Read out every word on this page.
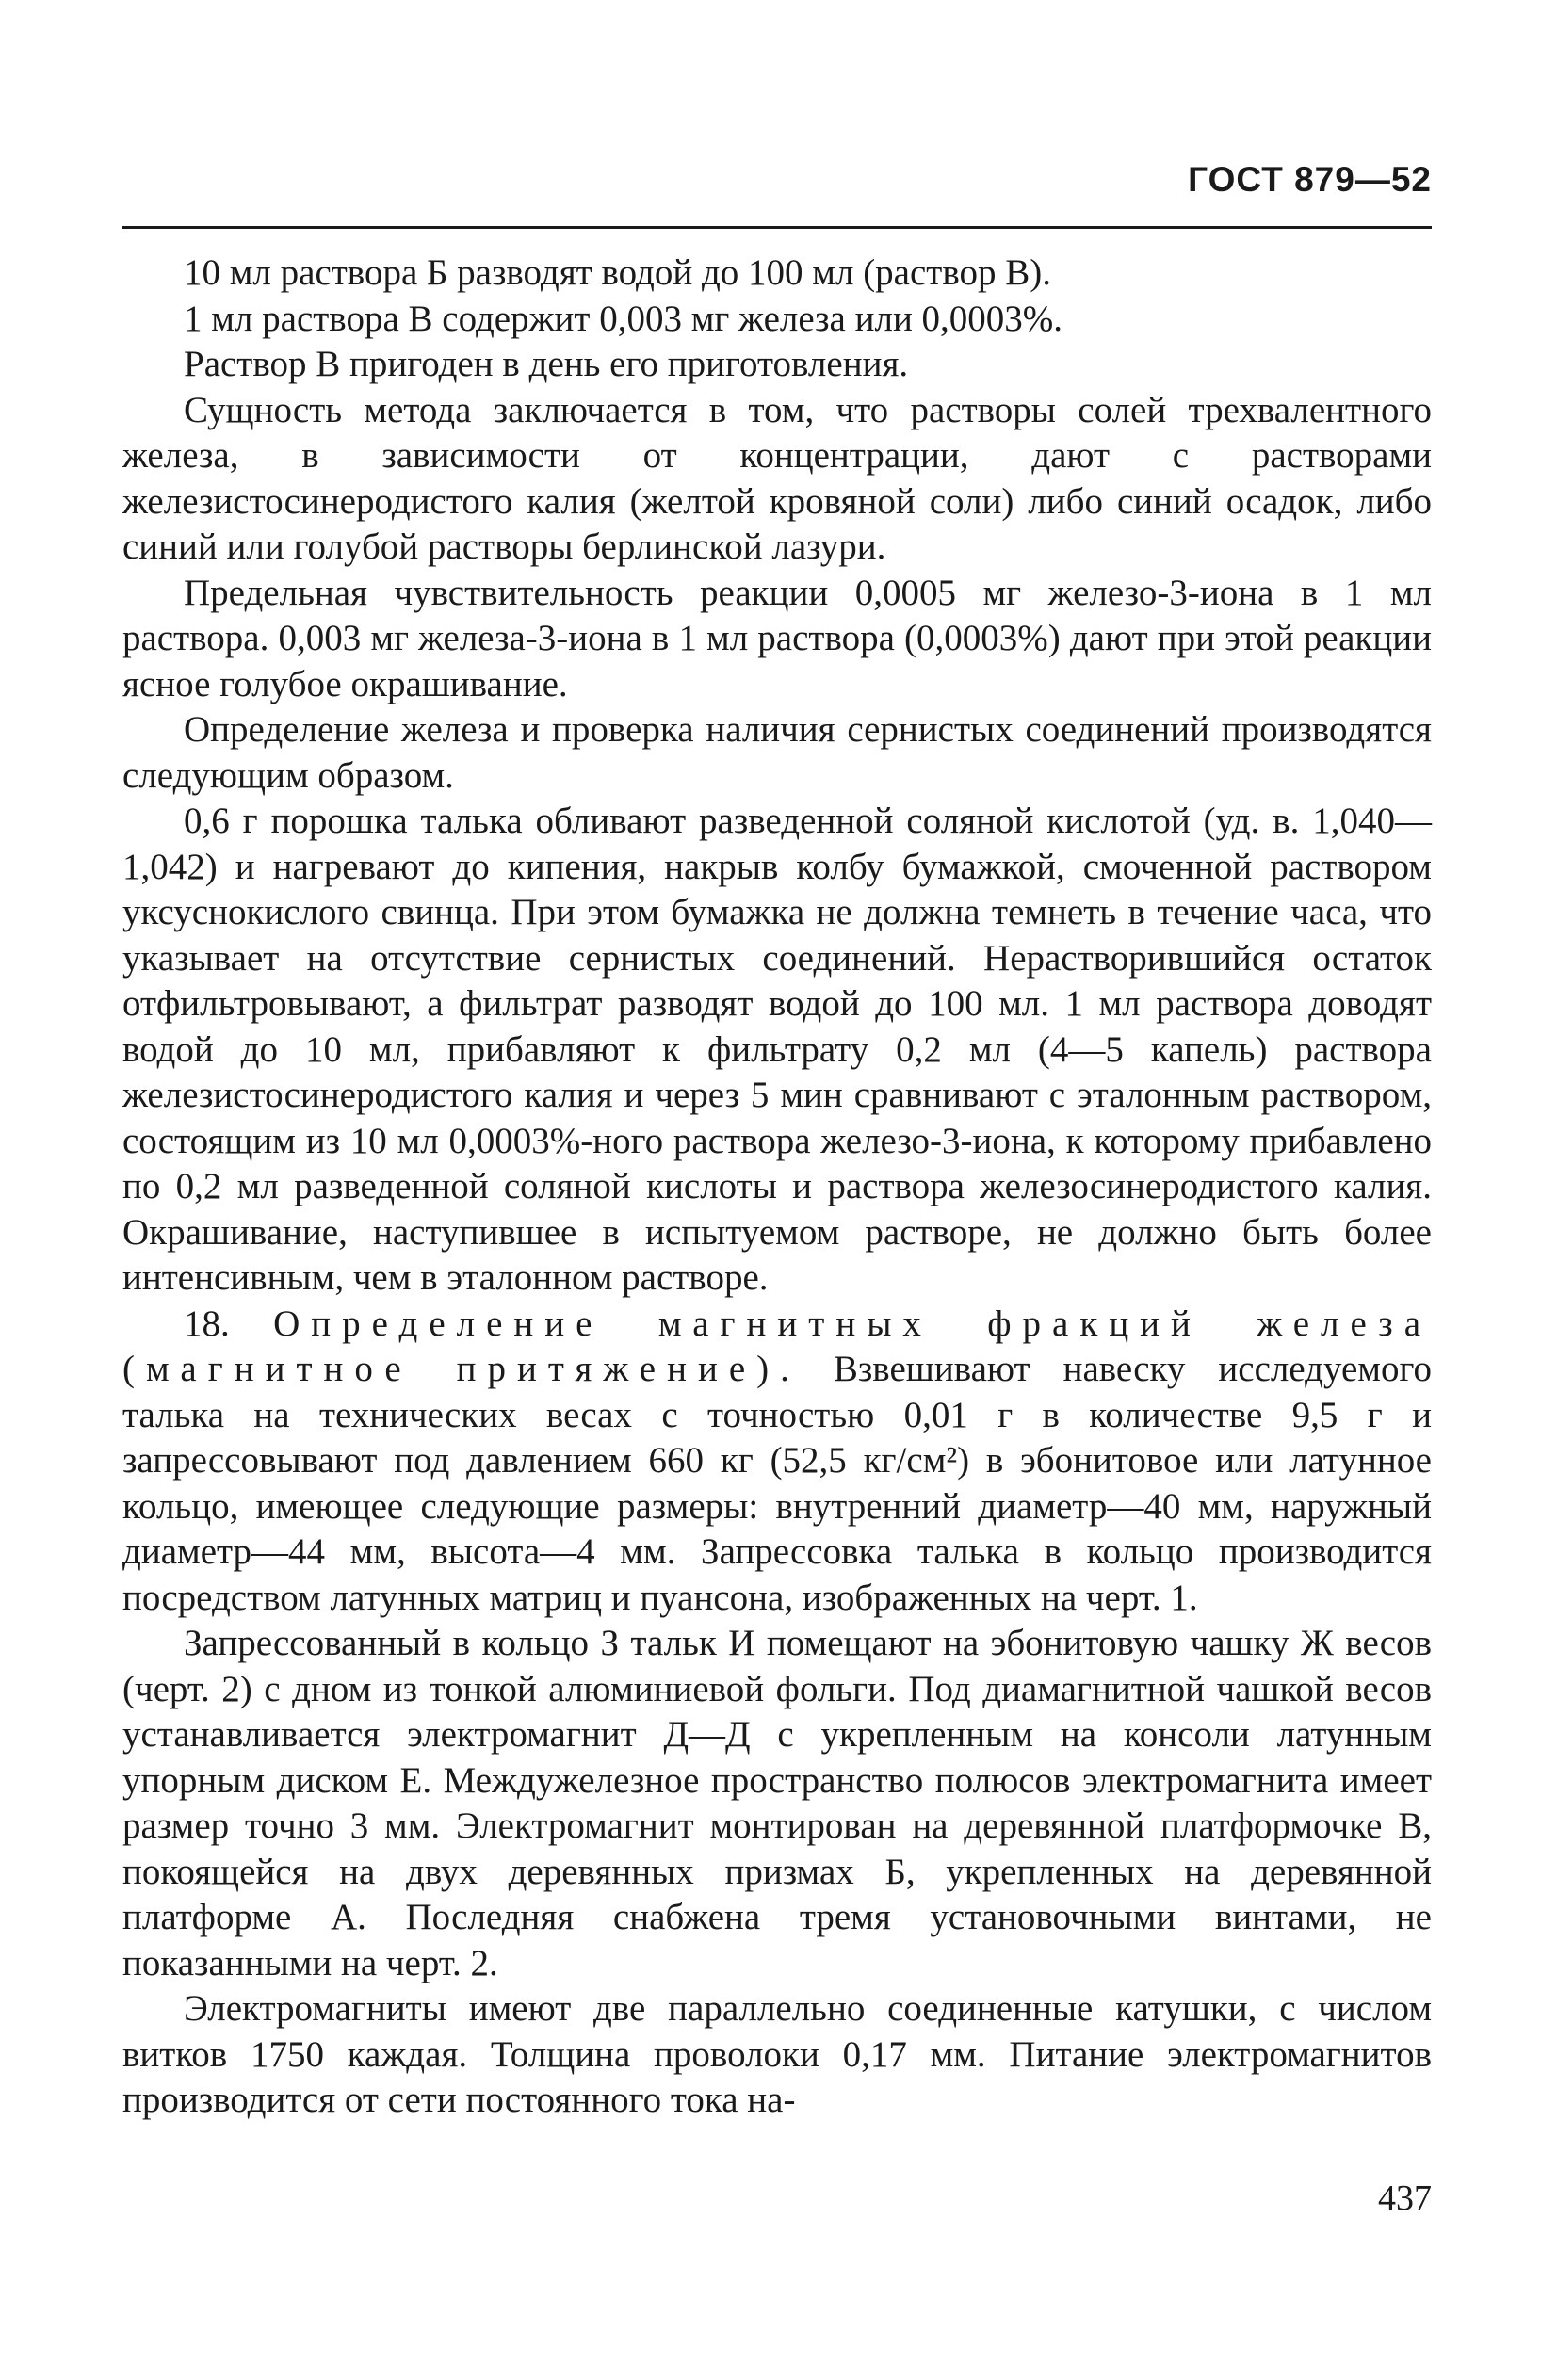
ГОСТ 879—52

10 мл раствора Б разводят водой до 100 мл (раствор В).

1 мл раствора В содержит 0,003 мг железа или 0,0003%.

Раствор В пригоден в день его приготовления.

Сущность метода заключается в том, что растворы солей трехвалентного железа, в зависимости от концентрации, дают с растворами железистосинеродистого калия (желтой кровяной соли) либо синий осадок, либо синий или голубой растворы берлинской лазури.

Предельная чувствительность реакции 0,0005 мг железо-3-иона в 1 мл раствора. 0,003 мг железа-3-иона в 1 мл раствора (0,0003%) дают при этой реакции ясное голубое окрашивание.

Определение железа и проверка наличия сернистых соединений производятся следующим образом.

0,6 г порошка талька обливают разведенной соляной кислотой (уд. в. 1,040—1,042) и нагревают до кипения, накрыв колбу бумажкой, смоченной раствором уксуснокислого свинца. При этом бумажка не должна темнеть в течение часа, что указывает на отсутствие сернистых соединений. Нерастворившийся остаток отфильтровывают, а фильтрат разводят водой до 100 мл. 1 мл раствора доводят водой до 10 мл, прибавляют к фильтрату 0,2 мл (4—5 капель) раствора железистосинеродистого калия и через 5 мин сравнивают с эталонным раствором, состоящим из 10 мл 0,0003%-ного раствора железо-3-иона, к которому прибавлено по 0,2 мл разведенной соляной кислоты и раствора железосинеродистого калия. Окрашивание, наступившее в испытуемом растворе, не должно быть более интенсивным, чем в эталонном растворе.

18. Определение магнитных фракций железа (магнитное притяжение). Взвешивают навеску исследуемого талька на технических весах с точностью 0,01 г в количестве 9,5 г и запрессовывают под давлением 660 кг (52,5 кг/см²) в эбонитовое или латунное кольцо, имеющее следующие размеры: внутренний диаметр—40 мм, наружный диаметр—44 мм, высота—4 мм. Запрессовка талька в кольцо производится посредством латунных матриц и пуансона, изображенных на черт. 1.

Запрессованный в кольцо З тальк И помещают на эбонитовую чашку Ж весов (черт. 2) с дном из тонкой алюминиевой фольги. Под диамагнитной чашкой весов устанавливается электромагнит Д—Д с укрепленным на консоли латунным упорным диском Е. Междужелезное пространство полюсов электромагнита имеет размер точно 3 мм. Электромагнит монтирован на деревянной платформочке В, покоящейся на двух деревянных призмах Б, укрепленных на деревянной платформе А. Последняя снабжена тремя установочными винтами, не показанными на черт. 2.

Электромагниты имеют две параллельно соединенные катушки, с числом витков 1750 каждая. Толщина проволоки 0,17 мм. Питание электромагнитов производится от сети постоянного тока на-

437
